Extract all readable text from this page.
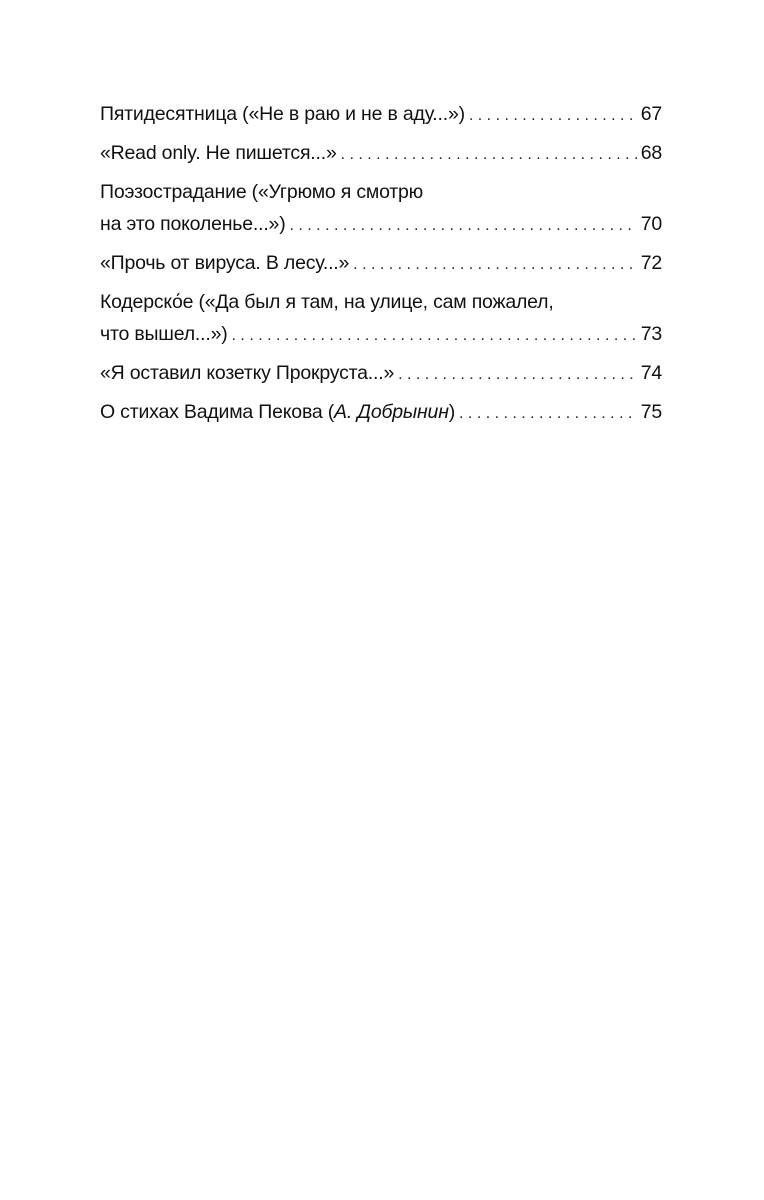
Пятидесятница («Не в раю и не в аду...») . . .	67
«Read only. Не пишется...» . . .	68
Поэзострадание («Угрюмо я смотрю
на это поколенье...») . . .	70
«Прочь от вируса. В лесу...» . . .	72
Кодерско́е («Да был я там, на улице, сам пожалел,
что вышел...») . . .	73
«Я оставил козетку Прокруста...» . . .	74
О стихах Вадима Пекова (А. Добрынин) . . .	75
